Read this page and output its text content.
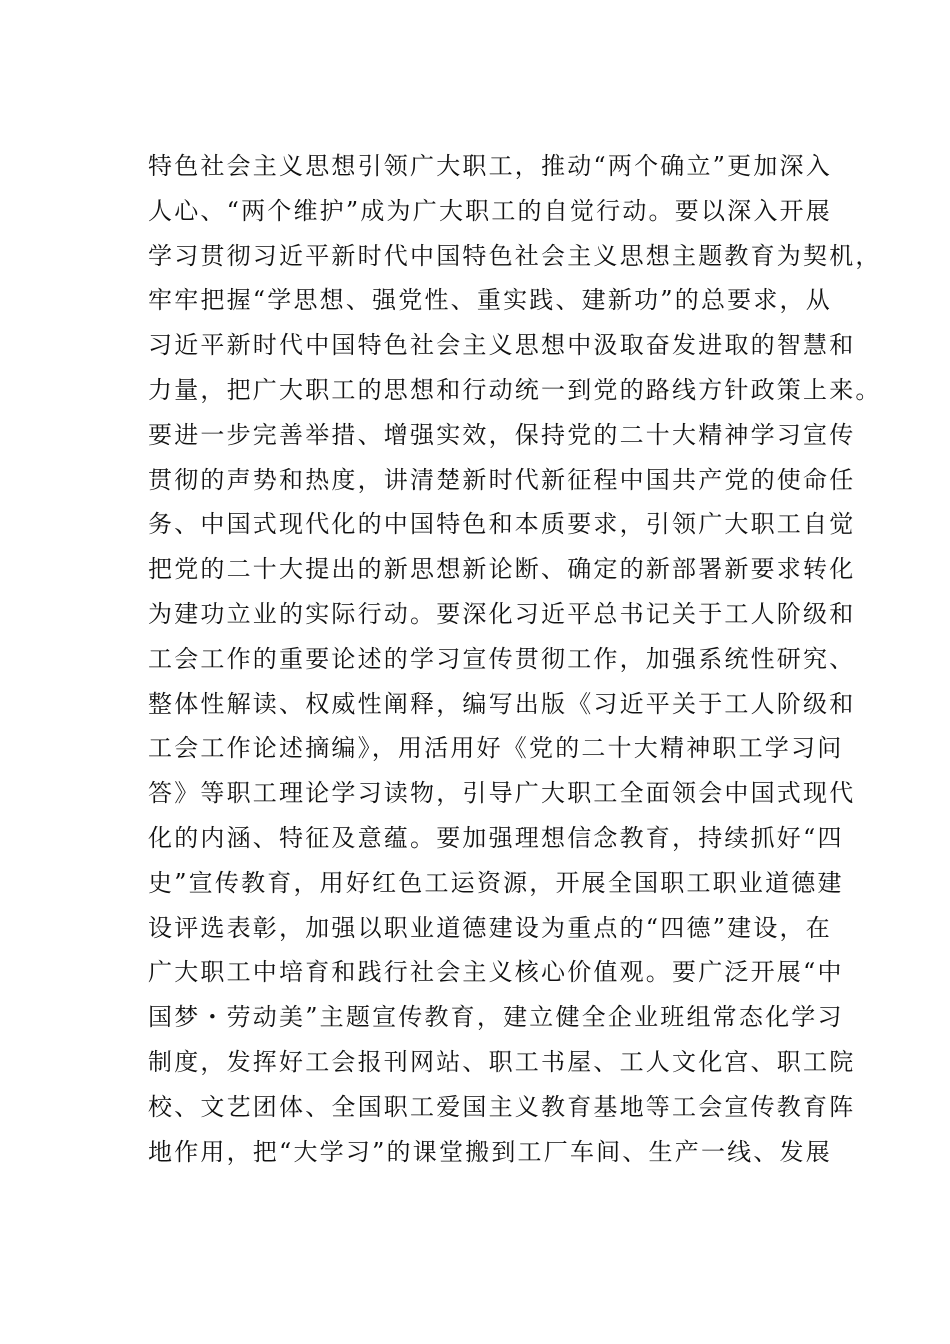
特色社会主义思想引领广大职工，推动“两个确立”更加深入
人心、“两个维护”成为广大职工的自觉行动。要以深入开展
学习贯彻习近平新时代中国特色社会主义思想主题教育为契机，
牢牢把握“学思想、强党性、重实践、建新功”的总要求，从
习近平新时代中国特色社会主义思想中汲取奋发进取的智慧和
力量，把广大职工的思想和行动统一到党的路线方针政策上来。
要进一步完善举措、增强实效，保持党的二十大精神学习宣传
贯彻的声势和热度，讲清楚新时代新征程中国共产党的使命任
务、中国式现代化的中国特色和本质要求，引领广大职工自觉
把党的二十大提出的新思想新论断、确定的新部署新要求转化
为建功立业的实际行动。要深化习近平总书记关于工人阶级和
工会工作的重要论述的学习宣传贯彻工作，加强系统性研究、
整体性解读、权威性阐释，编写出版《习近平关于工人阶级和
工会工作论述摘编》，用活用好《党的二十大精神职工学习问
答》等职工理论学习读物，引导广大职工全面领会中国式现代
化的内涵、特征及意蕴。要加强理想信念教育，持续抓好“四
史”宣传教育，用好红色工运资源，开展全国职工职业道德建
设评选表彰，加强以职业道德建设为重点的“四德”建设，在
广大职工中培育和践行社会主义核心价值观。要广泛开展“中
国梦・劳动美”主题宣传教育，建立健全企业班组常态化学习
制度，发挥好工会报刊网站、职工书屋、工人文化宫、职工院
校、文艺团体、全国职工爱国主义教育基地等工会宣传教育阵
地作用，把“大学习”的课堂搬到工厂车间、生产一线、发展
